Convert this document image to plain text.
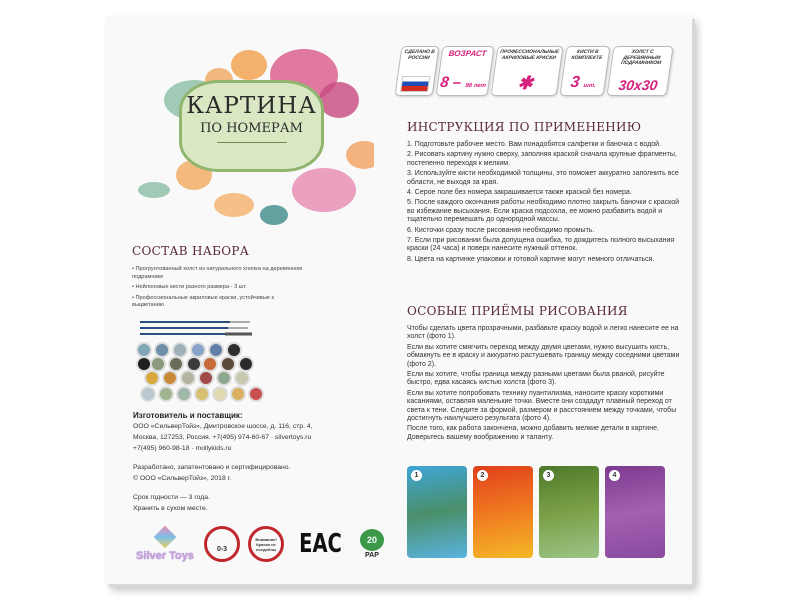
КАРТИНА
ПО НОМЕРАМ
СДЕЛАНО В РОССИИ	ВОЗРАСТ
8 – 98 лет
ПРОФЕССИОНАЛЬНЫЕ АКРИЛОВЫЕ КРАСКИ
✱
КИСТИ В КОМПЛЕКТЕ
3 шт.
ХОЛСТ С ДЕРЕВЯННЫМ ПОДРАМНИКОМ
30x30
СОСТАВ НАБОРА
• Прогрунтованный холст из натурального хлопка на деревянном подрамнике
• Нейлоновые кисти разного размера - 3 шт.
• Профессиональные акриловые краски, устойчивые к выцветанию
Изготовитель и поставщик:
ООО «СильверТойз», Дмитровское шоссе, д. 116, стр. 4,
Москва, 127253, Россия. +7(495) 974-60-67 · silvertoys.ru
+7(495) 960-98-18 · mollykids.ru
Разработано, запатентовано и сертифицировано.
© ООО «СильверТойз», 2018 г.
Срок годности — 3 года.
Хранить в сухом месте.
Silver Toys	0-3
Внимание! Краски не съедобны ЕАС	20
PAP
ИНСТРУКЦИЯ ПО ПРИМЕНЕНИЮ
1. Подготовьте рабочее место. Вам понадобятся салфетки и баночка с водой.
2. Рисовать картину нужно сверху, заполняя краской сначала крупные фрагменты, постепенно переходя к мелким.
3. Используйте кисти необходимой толщины, это поможет аккуратно заполнить все области, не выходя за края.
4. Серое поле без номера закрашивается также краской без номера.
5. После каждого окончания работы необходимо плотно закрыть баночки с краской во избежание высыхания. Если краска подсохла, ее можно разбавить водой и тщательно перемешать до однородной массы.
6. Кисточки сразу после рисования необходимо промыть.
7. Если при рисовании была допущена ошибка, то дождитесь полного высыхания краски (24 часа) и поверх нанесите нужный оттенок.
8. Цвета на картинке упаковки и готовой картине могут немного отличаться.
ОСОБЫЕ ПРИЁМЫ РИСОВАНИЯ
Чтобы сделать цвета прозрачными, разбавьте краску водой и легко нанесите ее на холст (фото 1).
Если вы хотите смягчить переход между двумя цветами, нужно высушить кисть, обмакнуть ее в краску и аккуратно растушевать границу между соседними цветами (фото 2).
Если вы хотите, чтобы граница между разными цветами была рваной, рисуйте быстро, едва касаясь кистью холста (фото 3).
Если вы хотите попробовать технику пуантилизма, наносите краску короткими касаниями, оставляя маленькие точки. Вместе они создадут плавный переход от света к тени. Следите за формой, размером и расстоянием между точками, чтобы достигнуть наилучшего результата (фото 4).
После того, как работа закончена, можно добавить мелкие детали в картине. Доверьтесь вашему воображению и таланту.
1	2	3	4
